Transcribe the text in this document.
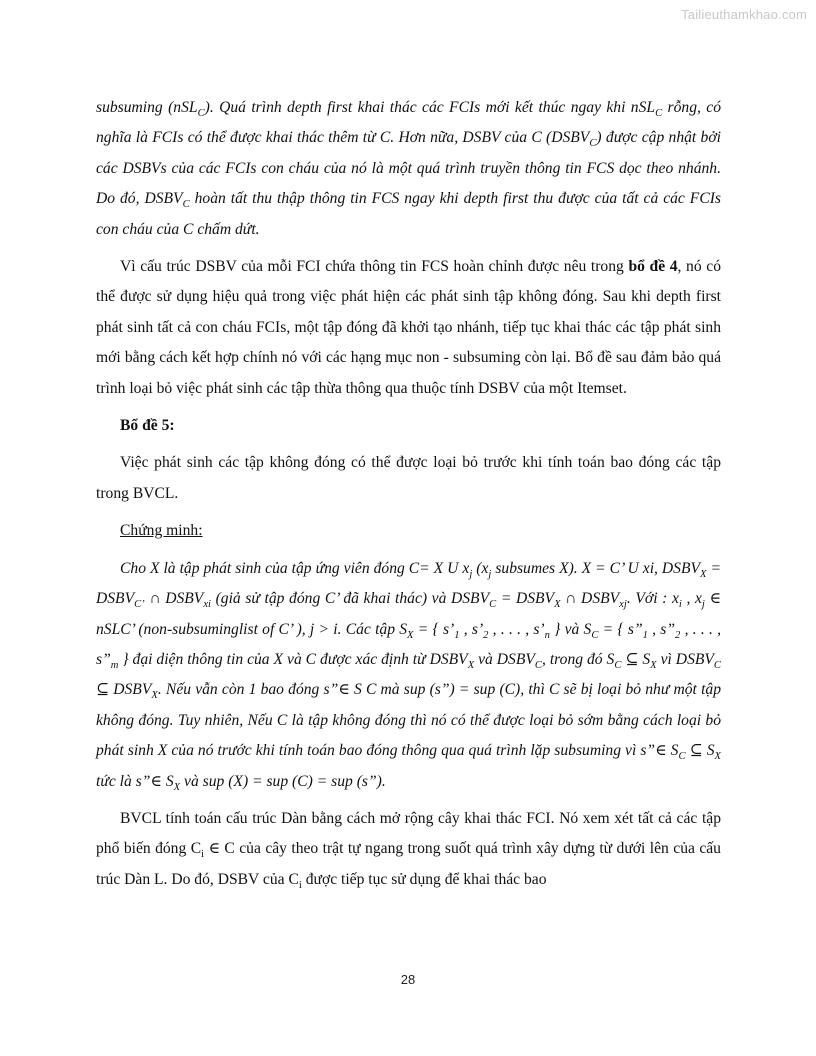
Tailieuthamkhao.com

subsuming (nSL$_C$). Quá trình depth first khai thác các FCIs mới kết thúc ngay khi nSL$_C$ rỗng, có nghĩa là FCIs có thể được khai thác thêm từ C. Hơn nữa, DSBV của C $(DSBV_C)$ được cập nhật bởi các DSBVs của các FCIs con cháu của nó là một quá trình truyền thông tin FCS dọc theo nhánh. Do đó, $DSBV_C$ hoàn tất thu thập thông tin FCS ngay khi depth first thu được của tất cả các FCIs con cháu của C chấm dứt.

Vì cấu trúc DSBV của mỗi FCI chứa thông tin FCS hoàn chỉnh được nêu trong bổ đề 4, nó có thể được sử dụng hiệu quả trong việc phát hiện các phát sinh tập không đóng. Sau khi depth first phát sinh tất cả con cháu FCIs, một tập đóng đã khởi tạo nhánh, tiếp tục khai thác các tập phát sinh mới bằng cách kết hợp chính nó với các hạng mục non - subsuming còn lại. Bổ đề sau đảm bảo quá trình loại bỏ việc phát sinh các tập thừa thông qua thuộc tính DSBV của một Itemset.

Bổ đề 5:

Việc phát sinh các tập không đóng có thể được loại bỏ trước khi tính toán bao đóng các tập trong BVCL.

Chứng minh:

Cho X là tập phát sinh của tập ứng viên đóng C= X U $x_j$ ($x_j$ subsumes X). X = C’ U xi, $DSBV_X$ = $DSBV_{C’}$ ∩ $DSBV_{xi}$ (giả sử tập đóng C’ đã khai thác) và $DSBV_C$ = $DSBV_X$ ∩ $DSBV_{xj}$. Với : $x_i$ , $x_j$ ∈ nSLC’ (non-subsuminglist of C’ ), j > i. Các tập $S_X$ = { $s’_1$ , $s’_2$ , . . . , $s’_n$ } và $S_C$ = { $s”_1$ , $s”_2$ , . . . , $s”_m$ } đại diện thông tin của X và C được xác định từ $DSBV_X$ và $DSBV_C$, trong đó $S_C$ ⊆ $S_X$ vì $DSBV_C$ ⊆ $DSBV_X$. Nếu vẫn còn 1 bao đóng s”∈ S C mà sup (s”) = sup (C), thì C sẽ bị loại bỏ như một tập không đóng. Tuy nhiên, Nếu C là tập không đóng thì nó có thể được loại bỏ sớm bằng cách loại bỏ phát sinh X của nó trước khi tính toán bao đóng thông qua quá trình lặp subsuming vì s”∈ $S_C$ ⊆ $S_X$ tức là s”∈ $S_X$ và sup (X) = sup (C) = sup (s”).

BVCL tính toán cấu trúc Dàn bằng cách mở rộng cây khai thác FCI. Nó xem xét tất cả các tập phổ biến đóng $C_i$ ∈ C của cây theo trật tự ngang trong suốt quá trình xây dựng từ dưới lên của cấu trúc Dàn L. Do đó, DSBV của $C_i$ được tiếp tục sử dụng để khai thác bao

28
